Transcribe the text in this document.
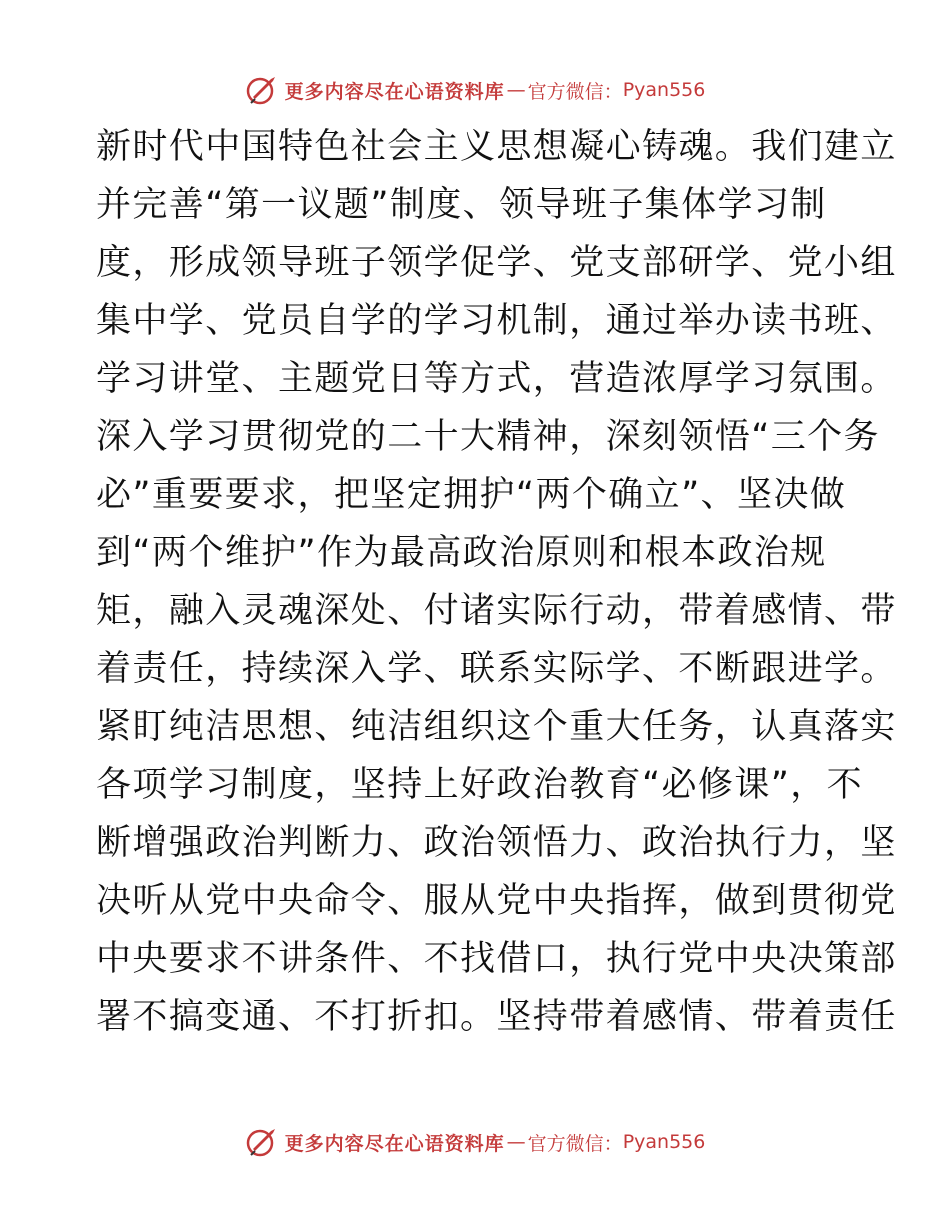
更多内容尽在心语资料库 — 官方微信： Pyan556
新时代中国特色社会主义思想凝心铸魂。我们建立
并完善“第一议题”制度、领导班子集体学习制
度，形成领导班子领学促学、党支部研学、党小组
集中学、党员自学的学习机制，通过举办读书班、
学习讲堂、主题党日等方式，营造浓厚学习氛围。
深入学习贯彻党的二十大精神，深刻领悟“三个务
必”重要要求，把坚定拥护“两个确立”、坚决做
到“两个维护”作为最高政治原则和根本政治规
矩，融入灵魂深处、付诸实际行动，带着感情、带
着责任，持续深入学、联系实际学、不断跟进学。
紧盯纯洁思想、纯洁组织这个重大任务，认真落实
各项学习制度，坚持上好政治教育“必修课”，不
断增强政治判断力、政治领悟力、政治执行力，坚
决听从党中央命令、服从党中央指挥，做到贯彻党
中央要求不讲条件、不找借口，执行党中央决策部
署不搞变通、不打折扣。坚持带着感情、带着责任
更多内容尽在心语资料库 — 官方微信： Pyan556
